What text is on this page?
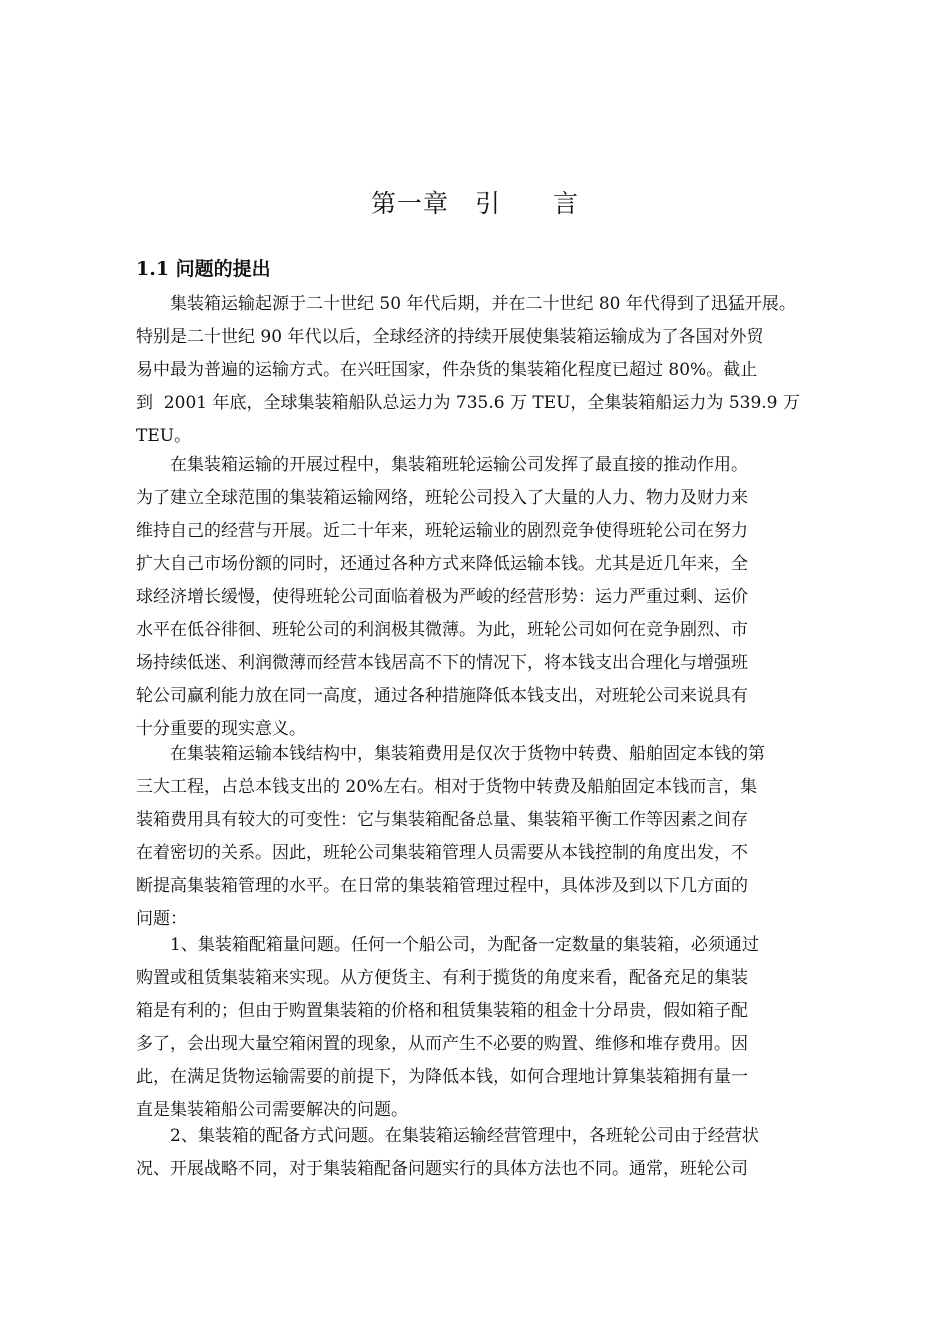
第一章　引　　言
1.1 问题的提出
　　集装箱运输起源于二十世纪 50 年代后期，并在二十世纪 80 年代得到了迅猛开展。
特别是二十世纪 90 年代以后，全球经济的持续开展使集装箱运输成为了各国对外贸
易中最为普遍的运输方式。在兴旺国家，件杂货的集装箱化程度已超过 80%。截止
到  2001 年底，全球集装箱船队总运力为 735.6 万 TEU，全集装箱船运力为 539.9 万
TEU。
　　在集装箱运输的开展过程中，集装箱班轮运输公司发挥了最直接的推动作用。
为了建立全球范围的集装箱运输网络，班轮公司投入了大量的人力、物力及财力来
维持自己的经营与开展。近二十年来，班轮运输业的剧烈竞争使得班轮公司在努力
扩大自己市场份额的同时，还通过各种方式来降低运输本钱。尤其是近几年来，全
球经济增长缓慢，使得班轮公司面临着极为严峻的经营形势：运力严重过剩、运价
水平在低谷徘徊、班轮公司的利润极其微薄。为此，班轮公司如何在竞争剧烈、市
场持续低迷、利润微薄而经营本钱居高不下的情况下，将本钱支出合理化与增强班
轮公司赢利能力放在同一高度，通过各种措施降低本钱支出，对班轮公司来说具有
十分重要的现实意义。
　　在集装箱运输本钱结构中，集装箱费用是仅次于货物中转费、船舶固定本钱的第
三大工程，占总本钱支出的 20%左右。相对于货物中转费及船舶固定本钱而言，集
装箱费用具有较大的可变性：它与集装箱配备总量、集装箱平衡工作等因素之间存
在着密切的关系。因此，班轮公司集装箱管理人员需要从本钱控制的角度出发，不
断提高集装箱管理的水平。在日常的集装箱管理过程中，具体涉及到以下几方面的
问题：
　　1、集装箱配箱量问题。任何一个船公司，为配备一定数量的集装箱，必须通过
购置或租赁集装箱来实现。从方便货主、有利于揽货的角度来看，配备充足的集装
箱是有利的；但由于购置集装箱的价格和租赁集装箱的租金十分昂贵，假如箱子配
多了，会出现大量空箱闲置的现象，从而产生不必要的购置、维修和堆存费用。因
此，在满足货物运输需要的前提下，为降低本钱，如何合理地计算集装箱拥有量一
直是集装箱船公司需要解决的问题。
　　2、集装箱的配备方式问题。在集装箱运输经营管理中，各班轮公司由于经营状
况、开展战略不同，对于集装箱配备问题实行的具体方法也不同。通常，班轮公司
